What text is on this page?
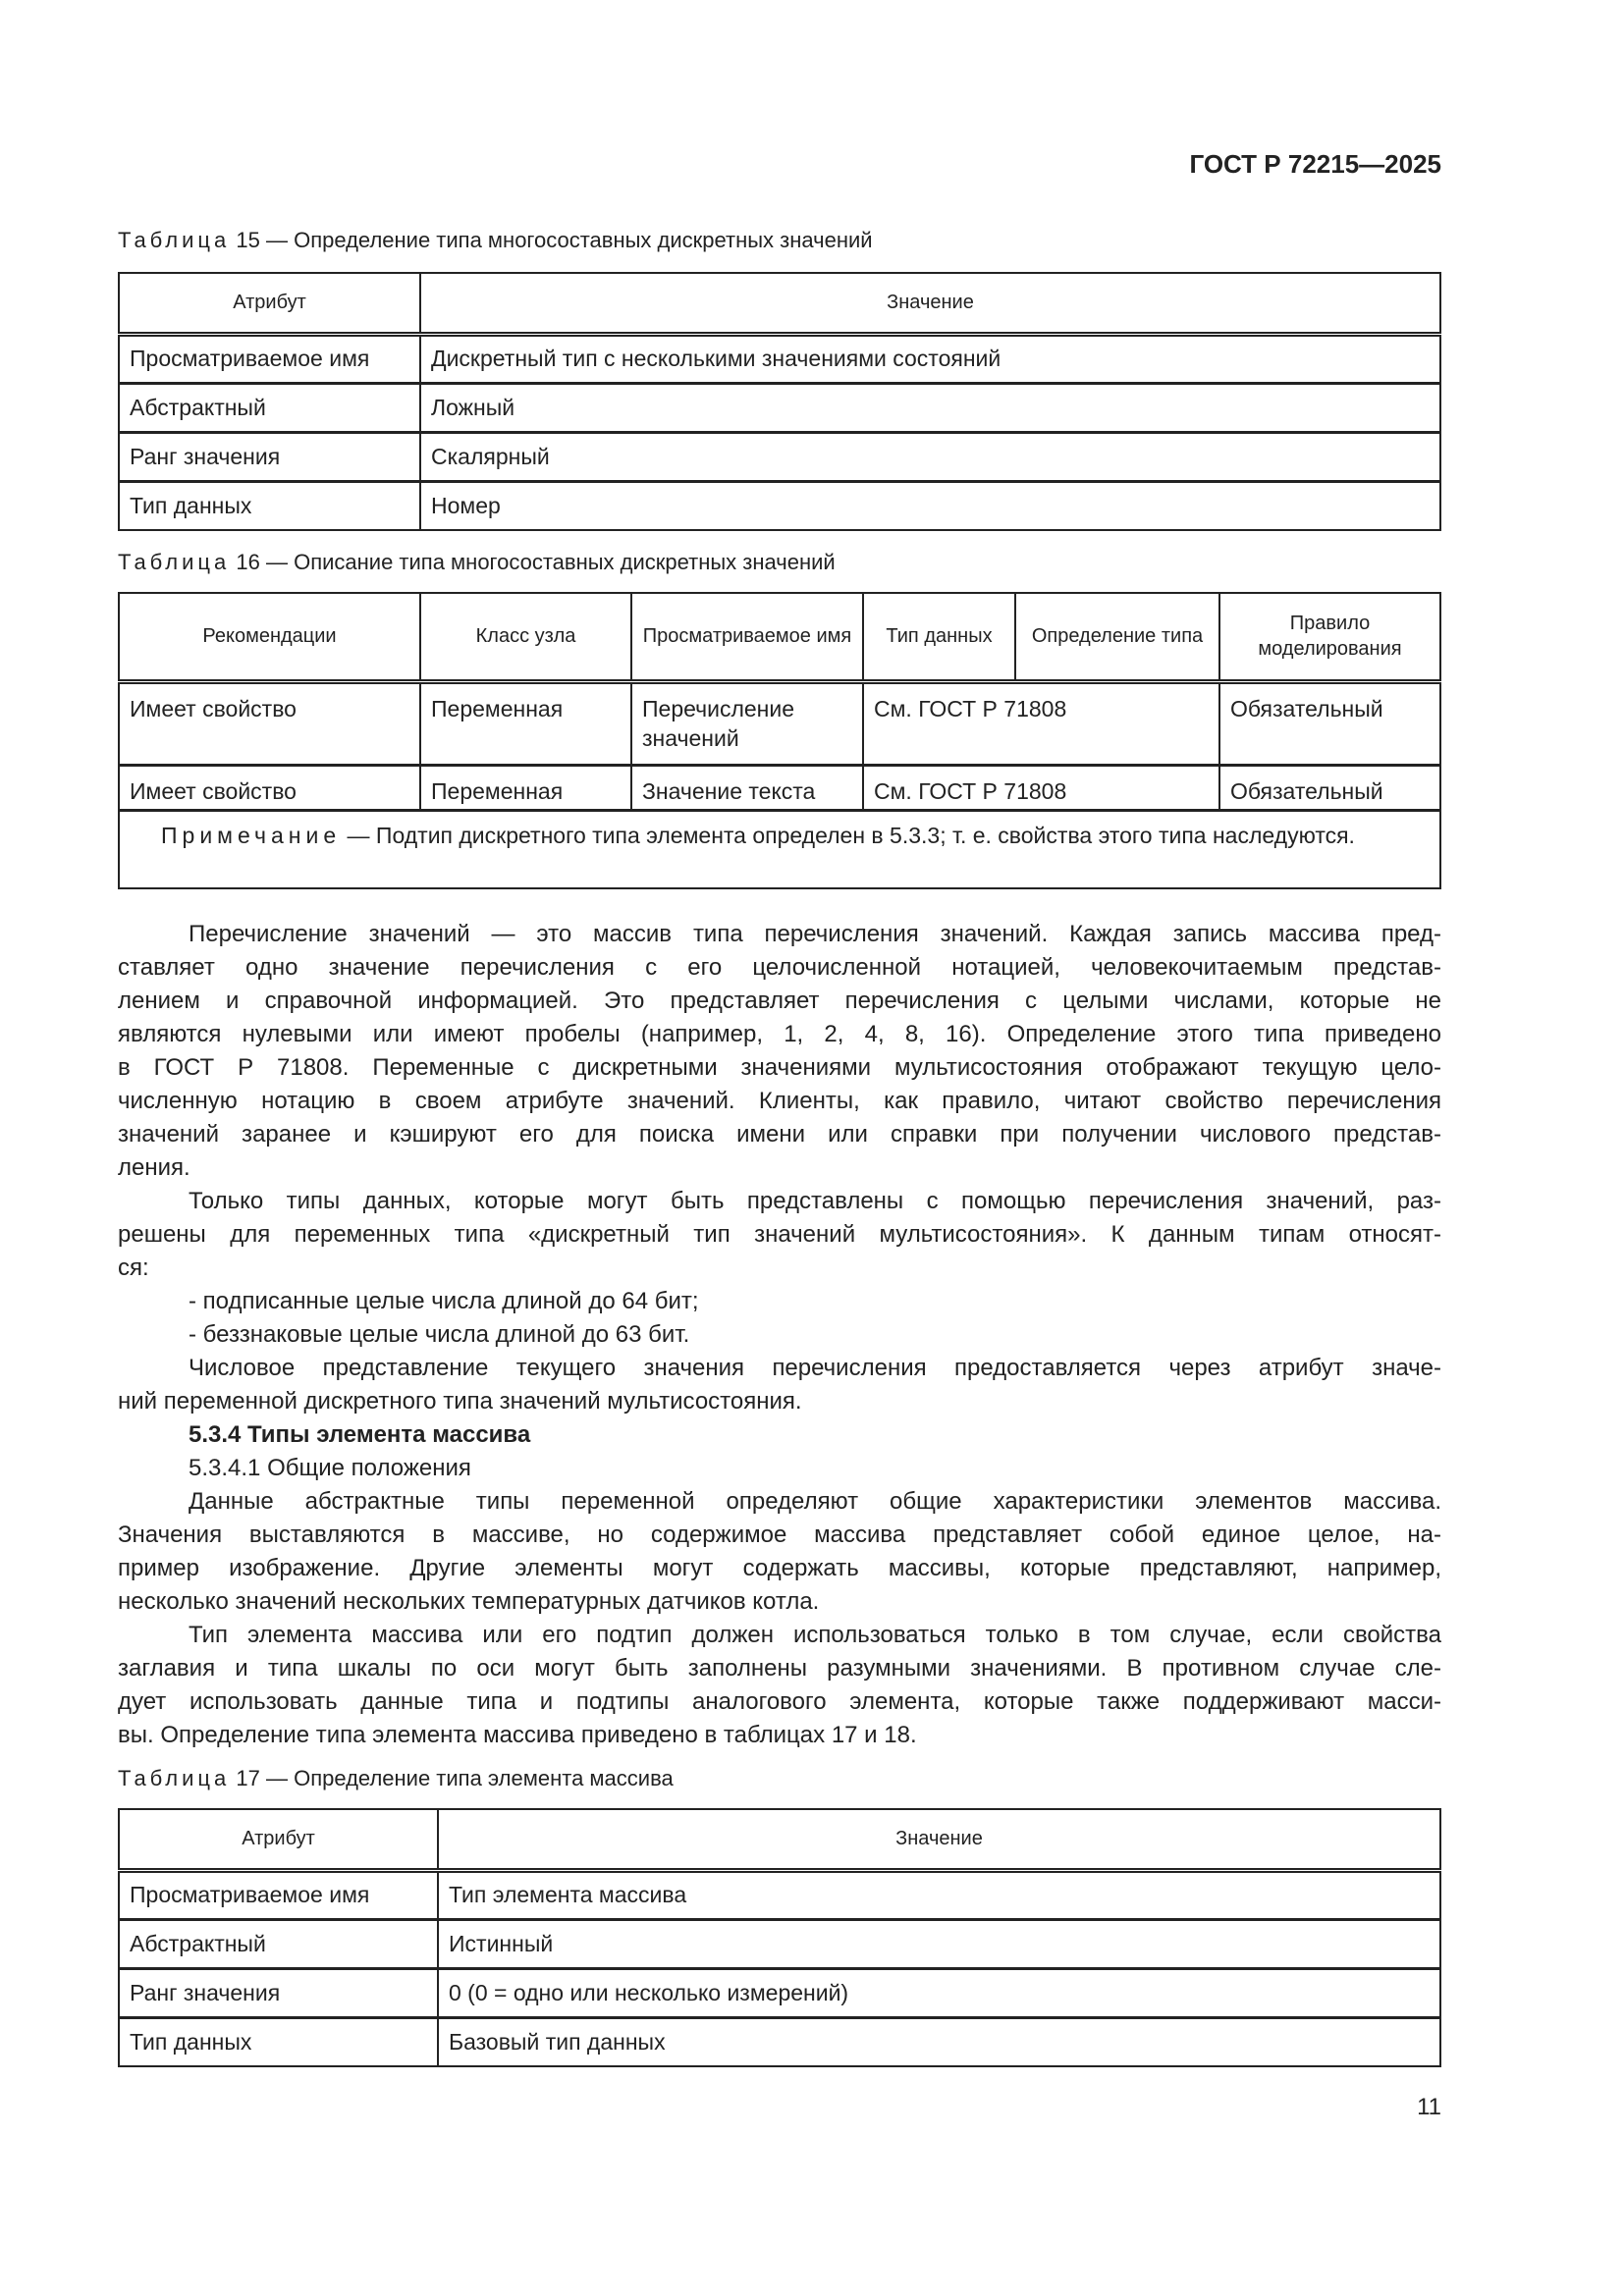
ГОСТ Р 72215—2025
Таблица 15 — Определение типа многосоставных дискретных значений
Атрибут	Значение
Просматриваемое имя	Дискретный тип с несколькими значениями состояний
Абстрактный	Ложный
Ранг значения	Скалярный
Тип данных	Номер
Таблица 16 — Описание типа многосоставных дискретных значений
Рекомендации	Класс узла	Просматриваемое имя	Тип данных	Определение типа	Правило моделирования
Имеет свойство	Переменная	Перечисление значений	См. ГОСТ Р 71808		Обязательный
Имеет свойство	Переменная	Значение текста	См. ГОСТ Р 71808		Обязательный
Примечание — Подтип дискретного типа элемента определен в 5.3.3; т. е. свойства этого типа наследуются.					
Перечисление значений — это массив типа перечисления значений. Каждая запись массива пред-
ставляет одно значение перечисления с его целочисленной нотацией, человекочитаемым представ-
лением и справочной информацией. Это представляет перечисления с целыми числами, которые не
являются нулевыми или имеют пробелы (например, 1, 2, 4, 8, 16). Определение этого типа приведено
в ГОСТ Р 71808. Переменные с дискретными значениями мультисостояния отображают текущую цело-
численную нотацию в своем атрибуте значений. Клиенты, как правило, читают свойство перечисления
значений заранее и кэшируют его для поиска имени или справки при получении числового представ-
ления.
Только типы данных, которые могут быть представлены с помощью перечисления значений, раз-
решены для переменных типа «дискретный тип значений мультисостояния». К данным типам относят-
ся:
- подписанные целые числа длиной до 64 бит;
- беззнаковые целые числа длиной до 63 бит.
Числовое представление текущего значения перечисления предоставляется через атрибут значе-
ний переменной дискретного типа значений мультисостояния.
5.3.4 Типы элемента массива
5.3.4.1 Общие положения
Данные абстрактные типы переменной определяют общие характеристики элементов массива.
Значения выставляются в массиве, но содержимое массива представляет собой единое целое, на-
пример изображение. Другие элементы могут содержать массивы, которые представляют, например,
несколько значений нескольких температурных датчиков котла.
Тип элемента массива или его подтип должен использоваться только в том случае, если свойства
заглавия и типа шкалы по оси могут быть заполнены разумными значениями. В противном случае сле-
дует использовать данные типа и подтипы аналогового элемента, которые также поддерживают масси-
вы. Определение типа элемента массива приведено в таблицах 17 и 18.
Таблица 17 — Определение типа элемента массива
Атрибут	Значение
Просматриваемое имя	Тип элемента массива
Абстрактный	Истинный
Ранг значения	0 (0 = одно или несколько измерений)
Тип данных	Базовый тип данных
11
